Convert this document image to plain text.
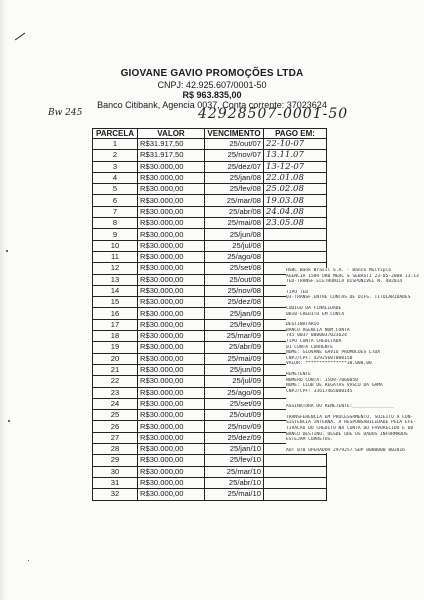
GIOVANE GAVIO PROMOÇÕES LTDA
CNPJ: 42.925.607/0001-50
R$ 963.835,00
Banco Citibank, Agencia 0037, Conta corrente: 37023624
Bw 245	42928507-0001-50
PARCELA	VALOR	VENCIMENTO	PAGO EM:
1	R$31.917,50	25/out/07	22-10-07
2	R$31.917,50	25/nov/07	13.11.07
3	R$30.000,00	25/dez/07	13-12-07
4	R$30.000,00	25/jan/08	22.01.08
5	R$30.000,00	25/fev/08	25.02.08
6	R$30.000,00	25/mar/08	19.03.08
7	R$30.000,00	25/abr/08	24.04.08
8	R$30.000,00	25/mai/08	23.05.08
9	R$30.000,00	25/jun/08	
10	R$30.000,00	25/jul/08	
11	R$30.000,00	25/ago/08	
12	R$30.000,00	25/set/08	
13	R$30.000,00	25/out/08	
14	R$30.000,00	25/nov/08	
15	R$30.000,00	25/dez/08	
16	R$30.000,00	25/jan/09	
17	R$30.000,00	25/fev/09	
18	R$30.000,00	25/mar/09	
19	R$30.000,00	25/abr/09	
20	R$30.000,00	25/mai/09	
21	R$30.000,00	25/jun/09	
22	R$30.000,00	25/jul/09	
23	R$30.000,00	25/ago/09	
24	R$30.000,00	25/set/09	
25	R$30.000,00	25/out/09	
26	R$30.000,00	25/nov/09	
27	R$30.000,00	25/dez/09	
28	R$30.000,00	25/jan/10	
29	R$30.000,00	25/fev/10	
30	R$30.000,00	25/mar/10	
31	R$30.000,00	25/abr/10	
32	R$30.000,00	25/mai/10	
HSBC Bank Brasil S.A. - Banco Multiplo
AGENCIA 1509 URB MERC S SEBASTI 23-05-2008 13:13
TED-TRANSF.ELETRONICA DISPONIVEL N. 482014
TIPO TED
03-TRANSF.ENTRE CONTAS DE DIFS. TITULARIDADES
CODIGO DA FINALIDADE
0010-CREDITO EM CONTA
DESTINATARIO
BANCO AGENCIA NUM.CONTA
745 0037 0000037023624
TIPO CONTA CREDITADA
01 CONTA CORRENTE
NOME: GIOVANE GAVIO PROMOCOES LTDA
CNPJ/CPF: 42925607000150
VALOR: ***************30.000,00
REMETENTE
NUMERO CONTA: 1509-7060050
NOME: CLUB DE REGATAS VASCO DA GAMA
CNPJ/CPF: 33617465000145
ASSINATURA DO REMETENTE:_______________
TRANSFERENCIA EM PROCESSAMENTO, SUJEITO A CON-
SISTENCIA INTERNA. A RESPONSABILIDADE PELA EFE-
TIVACAO DO CREDITO NA CONTA DO FAVORECIDO E DO
BANCO DESTINO, DESDE QUE OS DADOS INFORMADOS
ESTEJAM CORRETOS.
AUT 070 OPERADOR 2979257 SUP 0000000 002016
